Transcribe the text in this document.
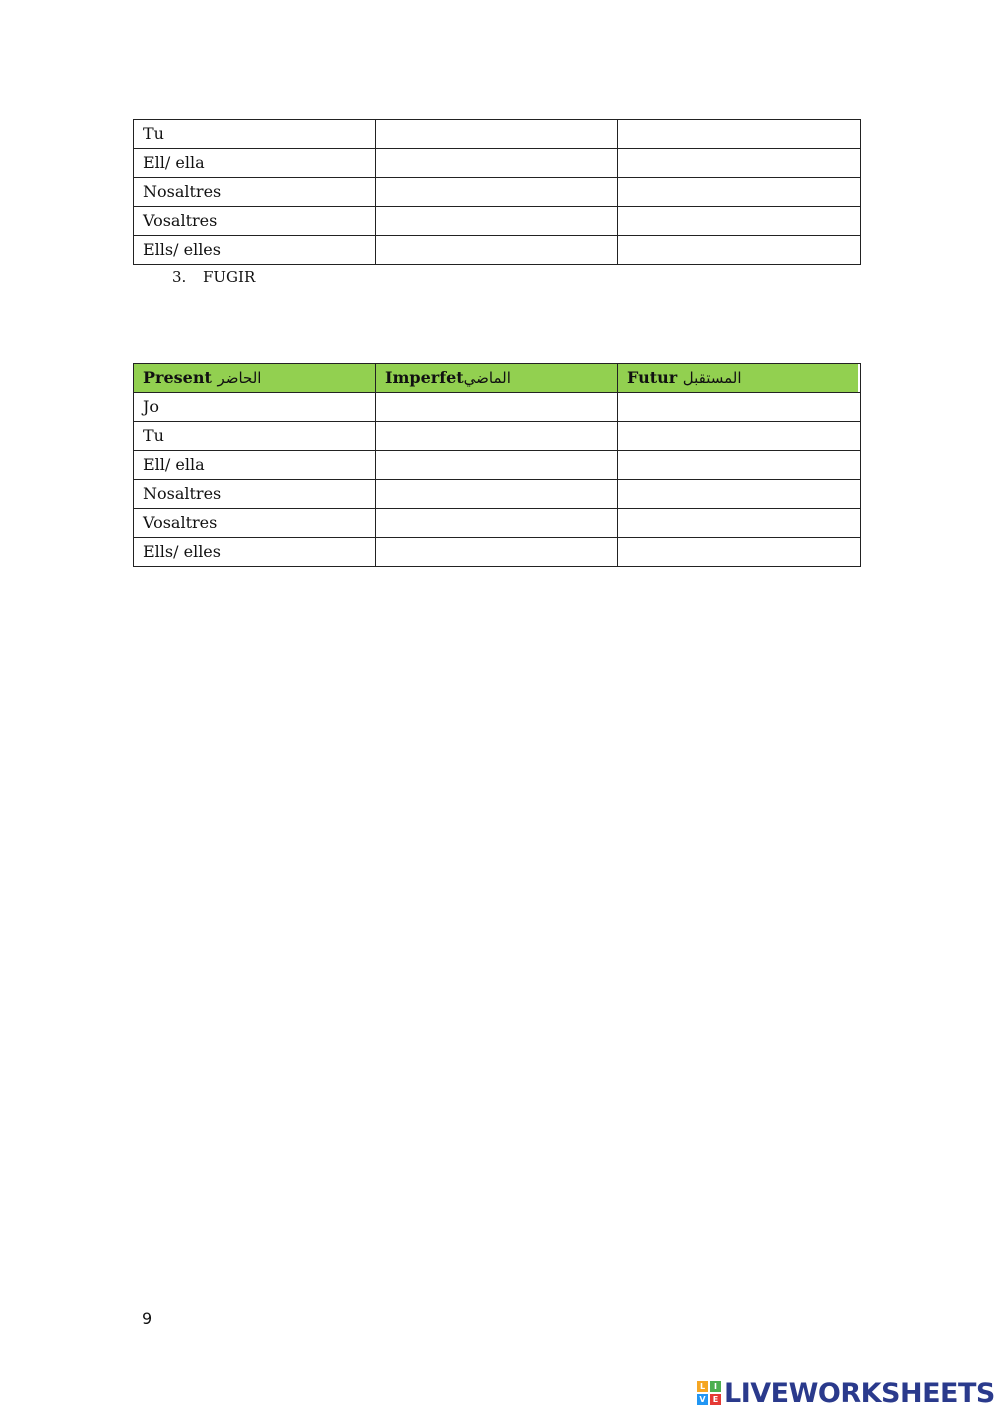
Tu		
Ell/ ella		
Nosaltres		
Vosaltres		
Ells/ elles		
3. FUGIR
Present الحاضر	Imperfetالماضي	Futur المستقبل
Jo		
Tu		
Ell/ ella		
Nosaltres		
Vosaltres		
Ells/ elles		
9
L	I
V E LIVEWORKSHEETS
